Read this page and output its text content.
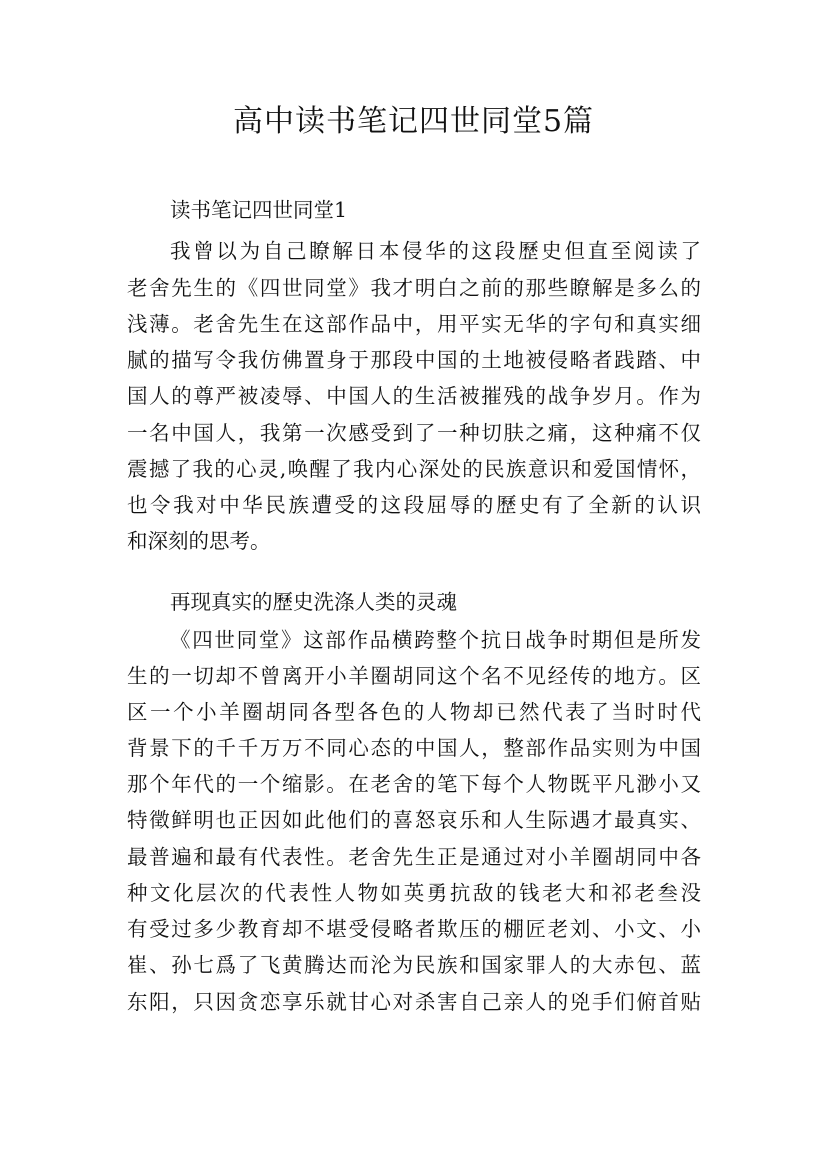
高中读书笔记四世同堂5篇
读书笔记四世同堂1
我曾以为自己瞭解日本侵华的这段歷史但直至阅读了
老舍先生的《四世同堂》我才明白之前的那些瞭解是多么的
浅薄。老舍先生在这部作品中，用平实无华的字句和真实细
腻的描写令我仿佛置身于那段中国的土地被侵略者践踏、中
国人的尊严被凌辱、中国人的生活被摧残的战争岁月。作为
一名中国人，我第一次感受到了一种切肤之痛，这种痛不仅
震撼了我的心灵,唤醒了我内心深处的民族意识和爱国情怀，
也令我对中华民族遭受的这段屈辱的歷史有了全新的认识
和深刻的思考。
再现真实的歷史洗涤人类的灵魂
《四世同堂》这部作品横跨整个抗日战争时期但是所发
生的一切却不曾离开小羊圈胡同这个名不见经传的地方。区
区一个小羊圈胡同各型各色的人物却已然代表了当时时代
背景下的千千万万不同心态的中国人，整部作品实则为中国
那个年代的一个缩影。在老舍的笔下每个人物既平凡渺小又
特徵鲜明也正因如此他们的喜怒哀乐和人生际遇才最真实、
最普遍和最有代表性。老舍先生正是通过对小羊圈胡同中各
种文化层次的代表性人物如英勇抗敌的钱老大和祁老叁没
有受过多少教育却不堪受侵略者欺压的棚匠老刘、小文、小
崔、孙七爲了飞黄腾达而沦为民族和国家罪人的大赤包、蓝
东阳，只因贪恋享乐就甘心对杀害自己亲人的兇手们俯首贴
